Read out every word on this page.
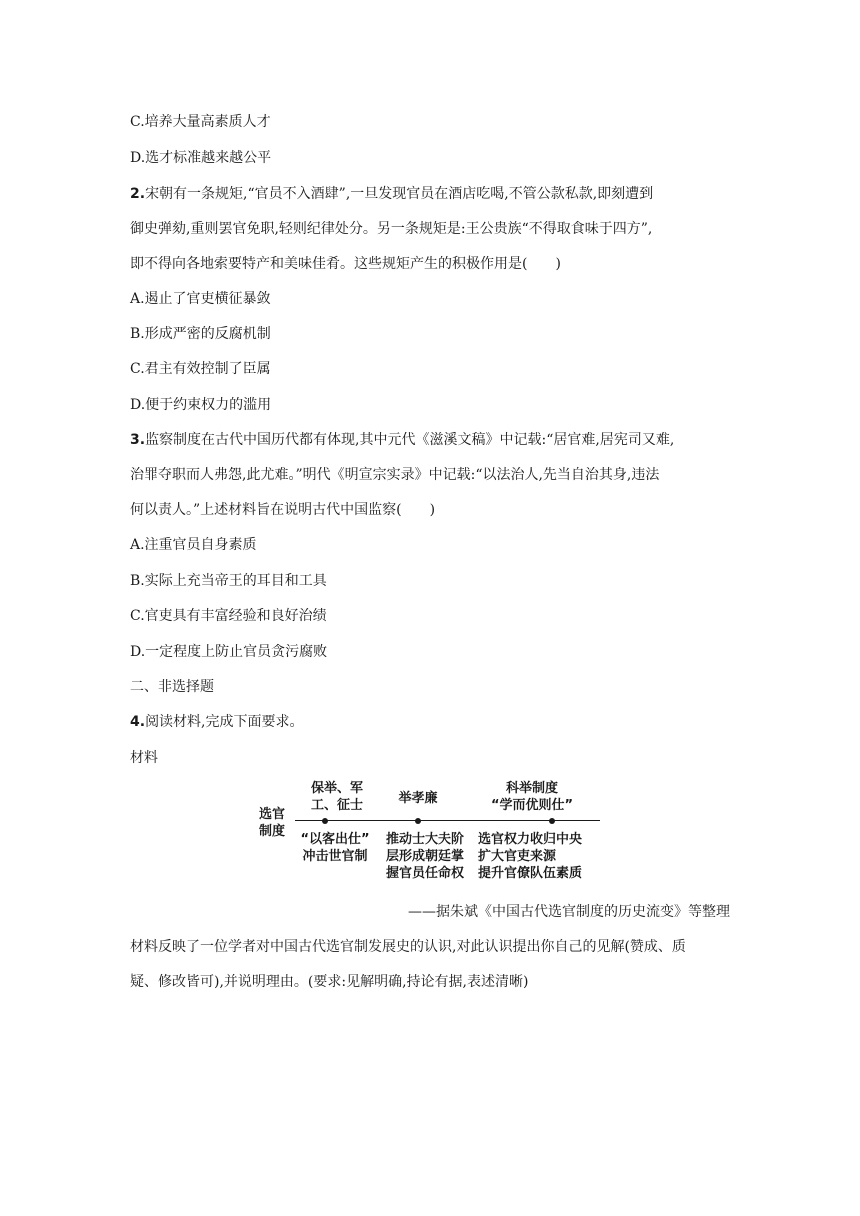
C.培养大量高素质人才
D.选才标准越来越公平
2.宋朝有一条规矩,“官员不入酒肆”,一旦发现官员在酒店吃喝,不管公款私款,即刻遭到
御史弹劾,重则罢官免职,轻则纪律处分。另一条规矩是:王公贵族“不得取食味于四方”,
即不得向各地索要特产和美味佳肴。这些规矩产生的积极作用是(　　)
A.遏止了官吏横征暴敛
B.形成严密的反腐机制
C.君主有效控制了臣属
D.便于约束权力的滥用
3.监察制度在古代中国历代都有体现,其中元代《滋溪文稿》中记载:“居官难,居宪司又难,
治罪夺职而人弗怨,此尤难。”明代《明宣宗实录》中记载:“以法治人,先当自治其身,违法
何以责人。”上述材料旨在说明古代中国监察(　　)
A.注重官员自身素质
B.实际上充当帝王的耳目和工具
C.官吏具有丰富经验和良好治绩
D.一定程度上防止官员贪污腐败
二、非选择题
4.阅读材料,完成下面要求。
材料
选官
制度
保举、军
工、征士	举孝廉
科举制度
“学而优则仕”
“以客出仕”
冲击世官制
推动士大夫阶
层形成朝廷掌
握官员任命权
选官权力收归中央
扩大官吏来源
提升官僚队伍素质
——据朱斌《中国古代选官制度的历史流变》等整理
材料反映了一位学者对中国古代选官制发展史的认识,对此认识提出你自己的见解(赞成、质
疑、修改皆可),并说明理由。(要求:见解明确,持论有据,表述清晰)
